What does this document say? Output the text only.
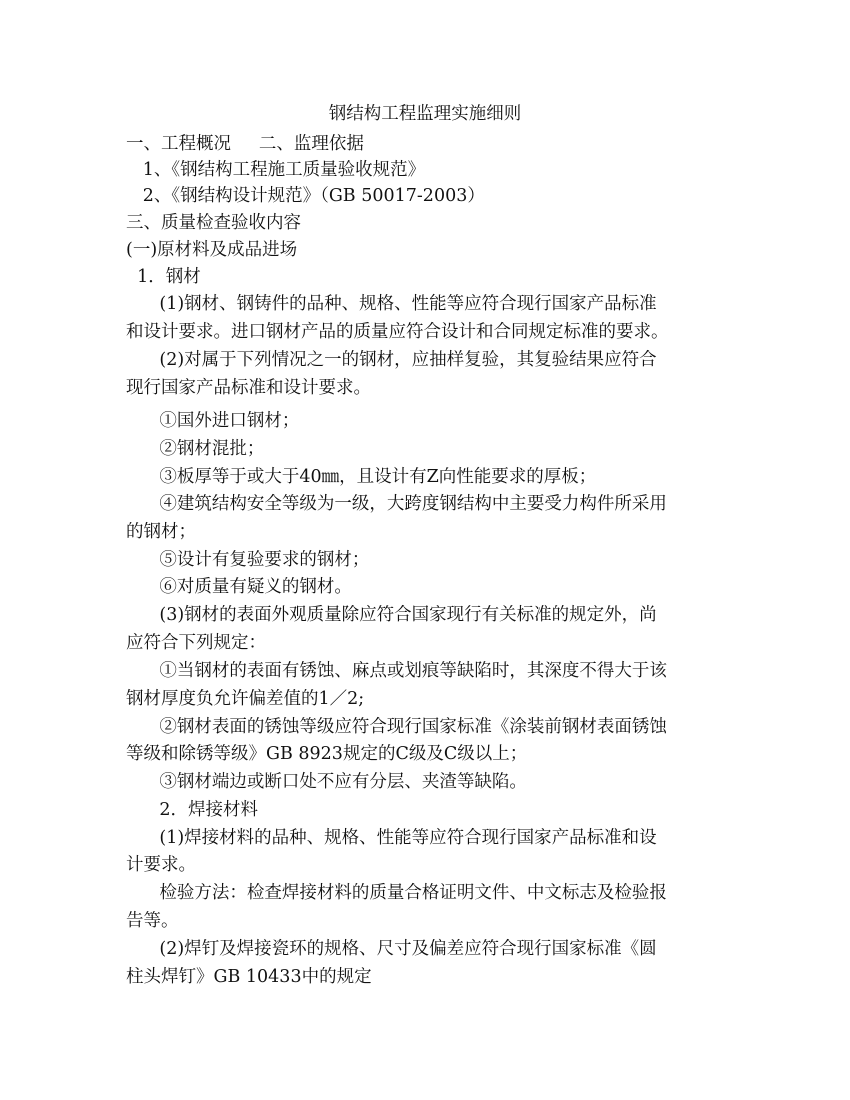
钢结构工程监理实施细则
一、工程概况     二、监理依据
1、《钢结构工程施工质量验收规范》
2、《钢结构设计规范》（GB 50017-2003）
三、质量检查验收内容
(一)原材料及成品进场
1．钢材
(1)钢材、钢铸件的品种、规格、性能等应符合现行国家产品标准
和设计要求。进口钢材产品的质量应符合设计和合同规定标准的要求。
(2)对属于下列情况之一的钢材，应抽样复验，其复验结果应符合
现行国家产品标准和设计要求。
①国外进口钢材；
②钢材混批；
③板厚等于或大于40㎜，且设计有Z向性能要求的厚板；
④建筑结构安全等级为一级，大跨度钢结构中主要受力构件所采用
的钢材；
⑤设计有复验要求的钢材；
⑥对质量有疑义的钢材。
(3)钢材的表面外观质量除应符合国家现行有关标准的规定外，尚
应符合下列规定：
①当钢材的表面有锈蚀、麻点或划痕等缺陷时，其深度不得大于该
钢材厚度负允许偏差值的1／2;
②钢材表面的锈蚀等级应符合现行国家标准《涂装前钢材表面锈蚀
等级和除锈等级》GB 8923规定的C级及C级以上；
③钢材端边或断口处不应有分层、夹渣等缺陷。
2．焊接材料
(1)焊接材料的品种、规格、性能等应符合现行国家产品标准和设
计要求。
检验方法：检查焊接材料的质量合格证明文件、中文标志及检验报
告等。
(2)焊钉及焊接瓷环的规格、尺寸及偏差应符合现行国家标准《圆
柱头焊钉》GB 10433中的规定
